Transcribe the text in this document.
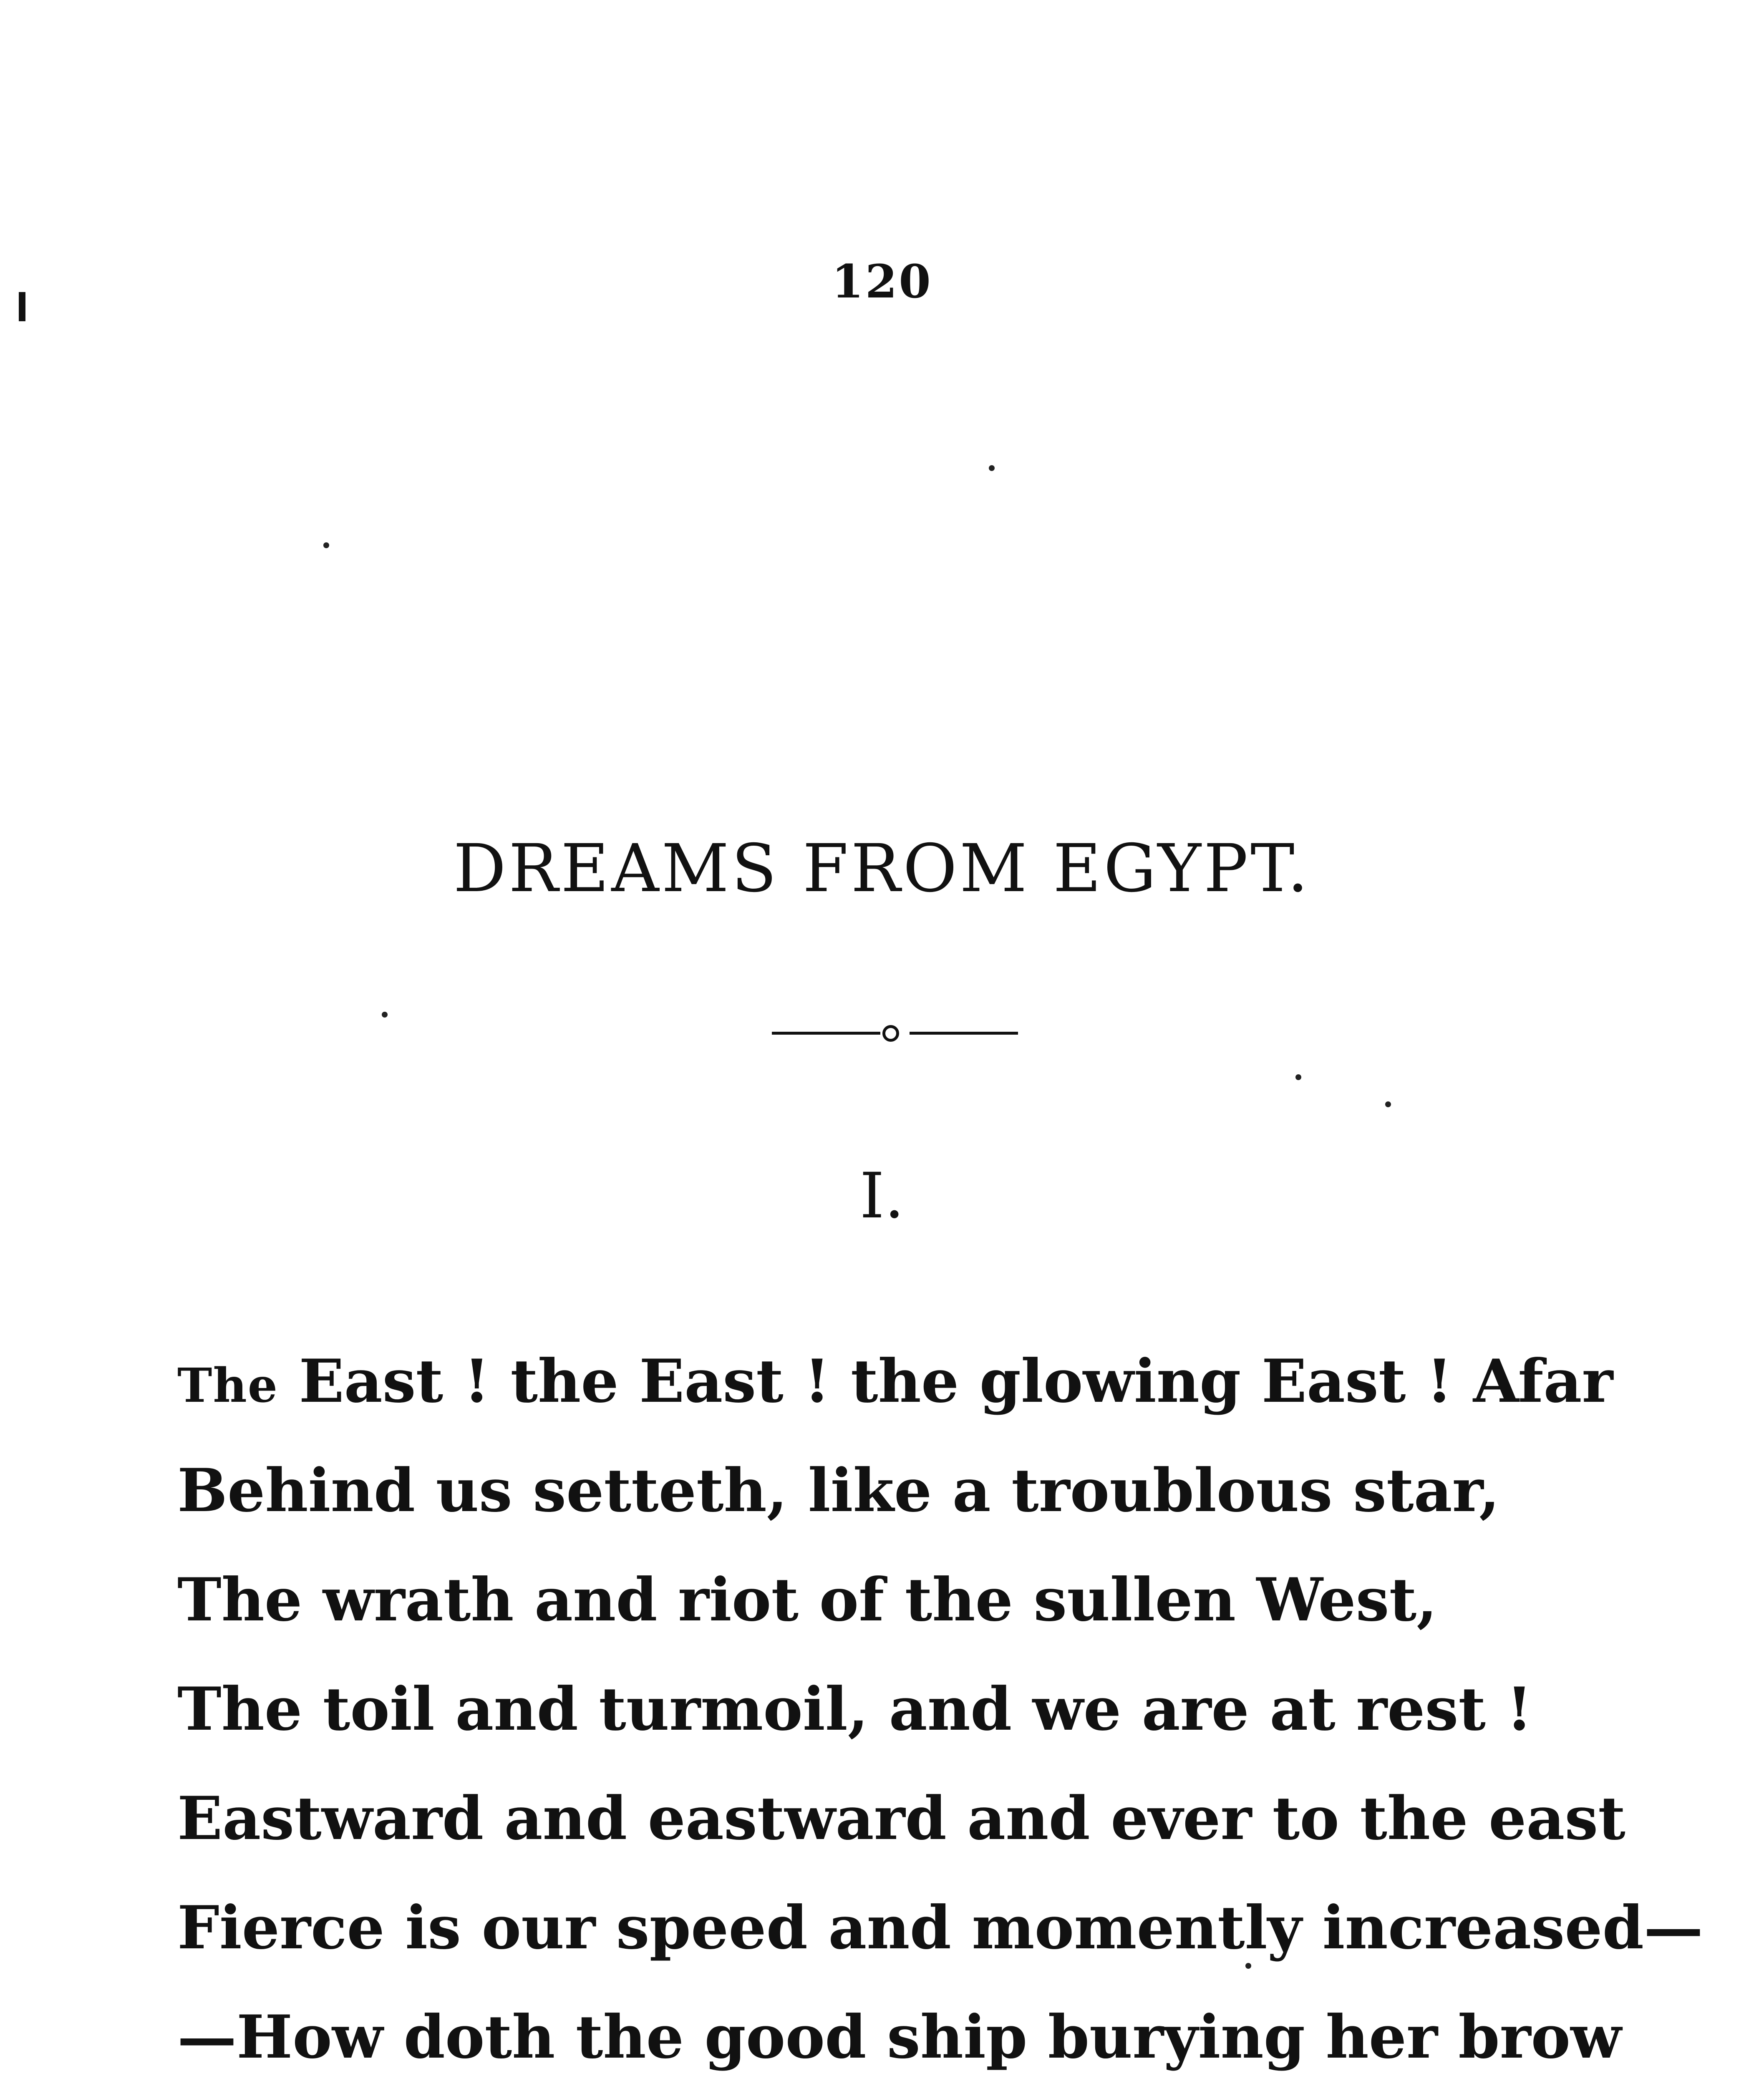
120
DREAMS FROM EGYPT.
I.
The East ! the East ! the glowing East ! Afar
Behind us setteth, like a troublous star,
The wrath and riot of the sullen West,
The toil and turmoil, and we are at rest !
Eastward and eastward and ever to the east
Fierce is our speed and momently increased—
—How doth the good ship burying her brow
